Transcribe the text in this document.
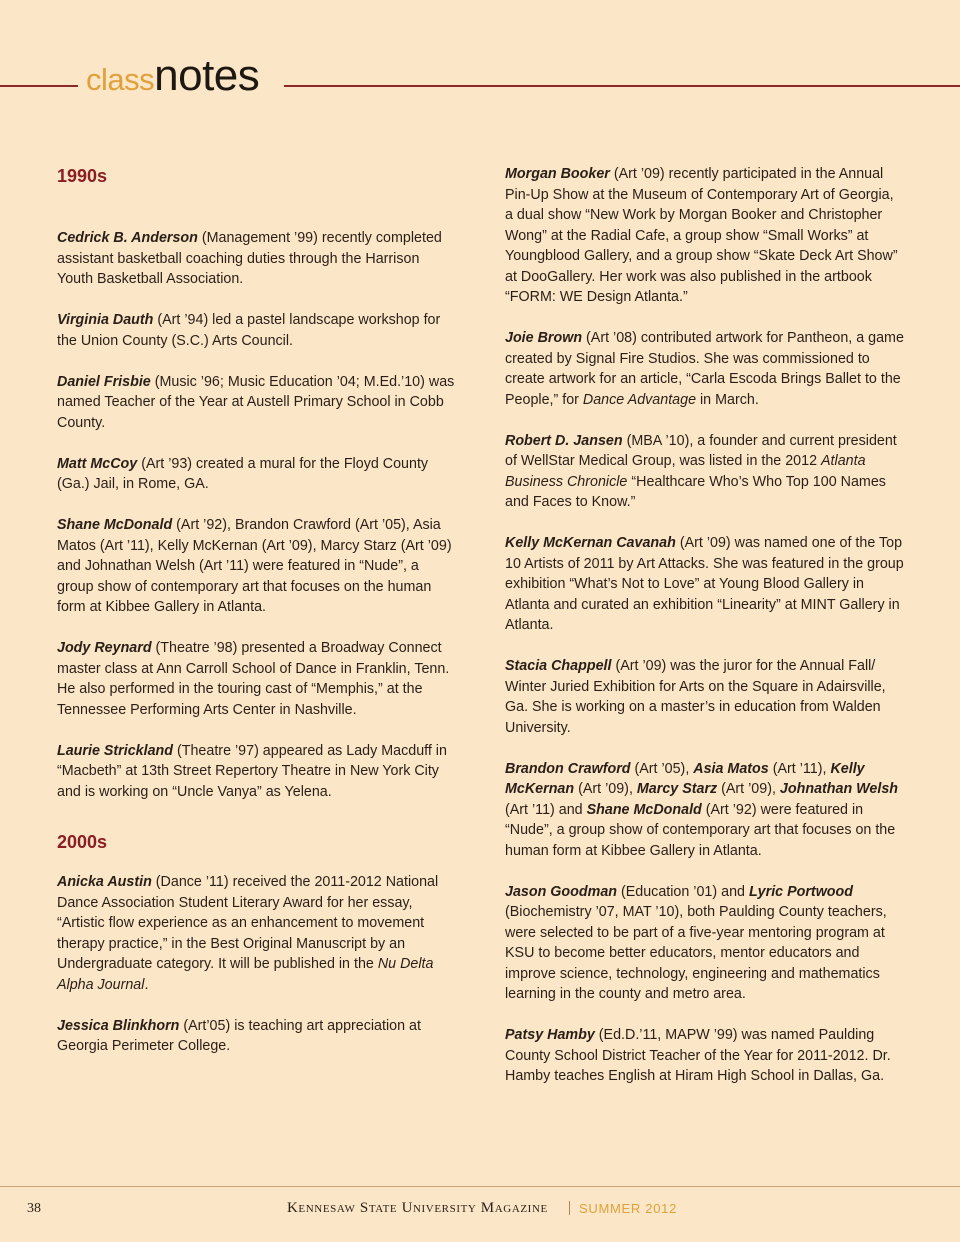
classnotes
1990s

Cedrick B. Anderson (Management ’99) recently completed assistant basketball coaching duties through the Harrison Youth Basketball Association.

Virginia Dauth (Art ’94) led a pastel landscape workshop for the Union County (S.C.) Arts Council.

Daniel Frisbie (Music ’96; Music Education ’04; M.Ed.’10) was named Teacher of the Year at Austell Primary School in Cobb County.

Matt McCoy (Art ’93) created a mural for the Floyd County (Ga.) Jail, in Rome, GA.

Shane McDonald (Art ’92), Brandon Crawford (Art ’05), Asia Matos (Art ’11), Kelly McKernan (Art ’09), Marcy Starz (Art ’09) and Johnathan Welsh (Art ’11) were featured in “Nude”, a group show of contemporary art that focuses on the human form at Kibbee Gallery in Atlanta.

Jody Reynard (Theatre ’98) presented a Broadway Connect master class at Ann Carroll School of Dance in Franklin, Tenn. He also performed in the touring cast of “Memphis,” at the Tennessee Performing Arts Center in Nashville.

Laurie Strickland (Theatre ’97) appeared as Lady Macduff in “Macbeth” at 13th Street Repertory Theatre in New York City and is working on “Uncle Vanya” as Yelena.

2000s

Anicka Austin (Dance ’11) received the 2011-2012 National Dance Association Student Literary Award for her essay, “Artistic flow experience as an enhancement to movement therapy practice,” in the Best Original Manuscript by an Undergraduate category. It will be published in the Nu Delta Alpha Journal.

Jessica Blinkhorn (Art’05) is teaching art appreciation at Georgia Perimeter College.

Morgan Booker (Art ’09) recently participated in the Annual Pin-Up Show at the Museum of Contemporary Art of Georgia, a dual show “New Work by Morgan Booker and Christopher Wong” at the Radial Cafe, a group show “Small Works” at Youngblood Gallery, and a group show “Skate Deck Art Show” at DooGallery. Her work was also published in the artbook “FORM: WE Design Atlanta.”

Joie Brown (Art ’08) contributed artwork for Pantheon, a game created by Signal Fire Studios. She was commissioned to create artwork for an article, “Carla Escoda Brings Ballet to the People,” for Dance Advantage in March.

Robert D. Jansen (MBA ’10), a founder and current president of WellStar Medical Group, was listed in the 2012 Atlanta Business Chronicle “Healthcare Who’s Who Top 100 Names and Faces to Know.”

Kelly McKernan Cavanah (Art ’09) was named one of the Top 10 Artists of 2011 by Art Attacks. She was featured in the group exhibition “What’s Not to Love” at Young Blood Gallery in Atlanta and curated an exhibition “Linearity” at MINT Gallery in Atlanta.

Stacia Chappell (Art ’09) was the juror for the Annual Fall/ Winter Juried Exhibition for Arts on the Square in Adairsville, Ga. She is working on a master’s in education from Walden University.

Brandon Crawford (Art ’05), Asia Matos (Art ’11), Kelly McKernan (Art ’09), Marcy Starz (Art ’09), Johnathan Welsh (Art ’11) and Shane McDonald (Art ’92) were featured in “Nude”, a group show of contemporary art that focuses on the human form at Kibbee Gallery in Atlanta.

Jason Goodman (Education ’01) and Lyric Portwood (Biochemistry ’07, MAT ’10), both Paulding County teachers, were selected to be part of a five-year mentoring program at KSU to become better educators, mentor educators and improve science, technology, engineering and mathematics learning in the county and metro area.

Patsy Hamby (Ed.D.’11, MAPW ’99) was named Paulding County School District Teacher of the Year for 2011-2012. Dr. Hamby teaches English at Hiram High School in Dallas, Ga.

38	Kennesaw State University Magazine SUMMER 2012
